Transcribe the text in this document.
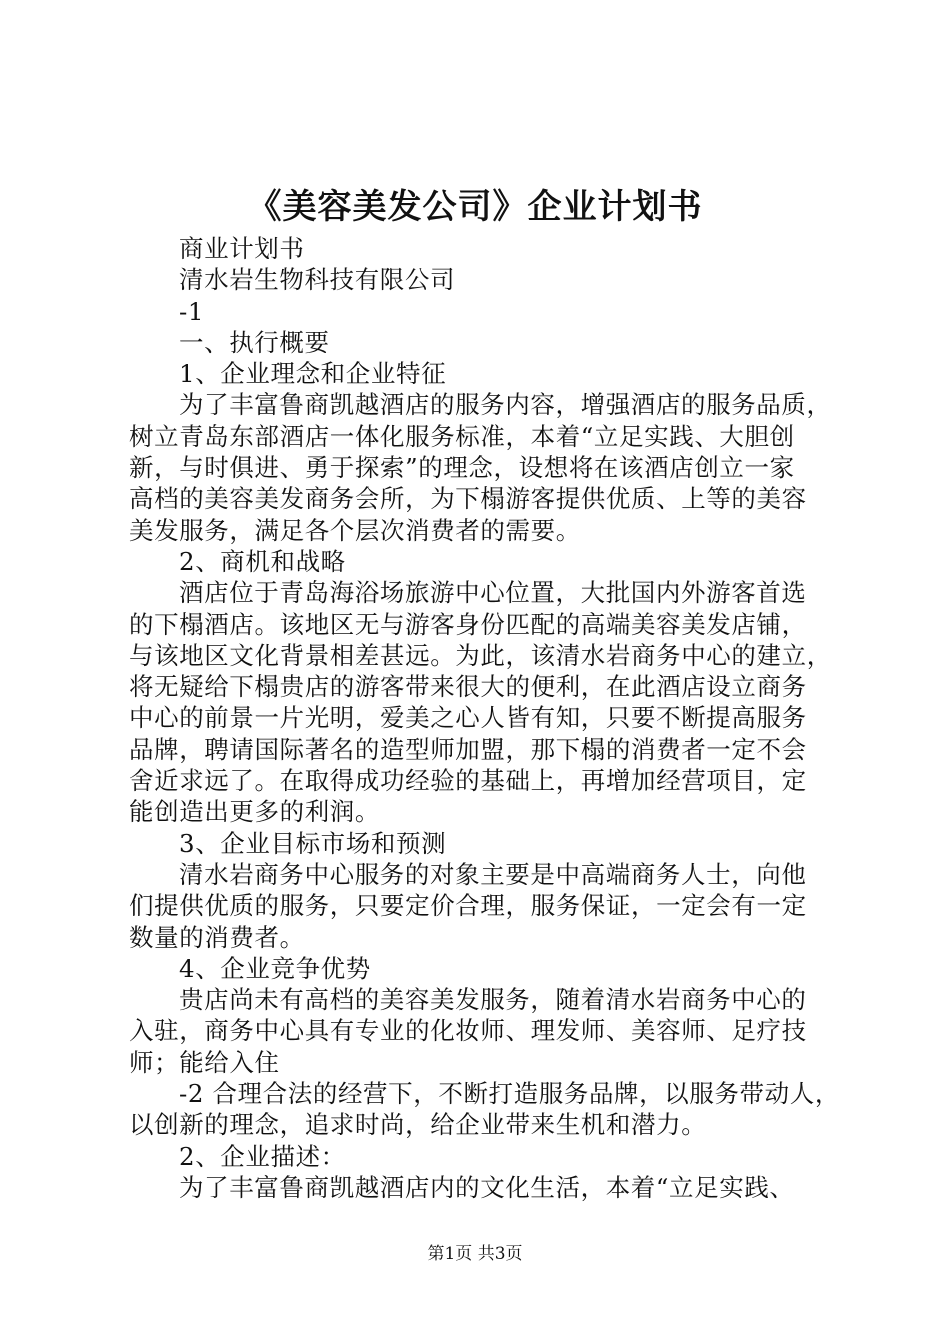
《美容美发公司》企业计划书
商业计划书
清水岩生物科技有限公司
-1
一、执行概要
1、企业理念和企业特征
为了丰富鲁商凯越酒店的服务内容，增强酒店的服务品质，
树立青岛东部酒店一体化服务标准，本着“立足实践、大胆创
新，与时俱进、勇于探索”的理念，设想将在该酒店创立一家
高档的美容美发商务会所，为下榻游客提供优质、上等的美容
美发服务，满足各个层次消费者的需要。
2、商机和战略
酒店位于青岛海浴场旅游中心位置，大批国内外游客首选
的下榻酒店。该地区无与游客身份匹配的高端美容美发店铺，
与该地区文化背景相差甚远。为此，该清水岩商务中心的建立，
将无疑给下榻贵店的游客带来很大的便利，在此酒店设立商务
中心的前景一片光明，爱美之心人皆有知，只要不断提高服务
品牌，聘请国际著名的造型师加盟，那下榻的消费者一定不会
舍近求远了。在取得成功经验的基础上，再增加经营项目，定
能创造出更多的利润。
3、企业目标市场和预测
清水岩商务中心服务的对象主要是中高端商务人士，向他
们提供优质的服务，只要定价合理，服务保证，一定会有一定
数量的消费者。
4、企业竞争优势
贵店尚未有高档的美容美发服务，随着清水岩商务中心的
入驻，商务中心具有专业的化妆师、理发师、美容师、足疗技
师；能给入住
-2 合理合法的经营下，不断打造服务品牌，以服务带动人，
以创新的理念，追求时尚，给企业带来生机和潜力。
2、企业描述：
为了丰富鲁商凯越酒店内的文化生活，本着“立足实践、
第1页 共3页
